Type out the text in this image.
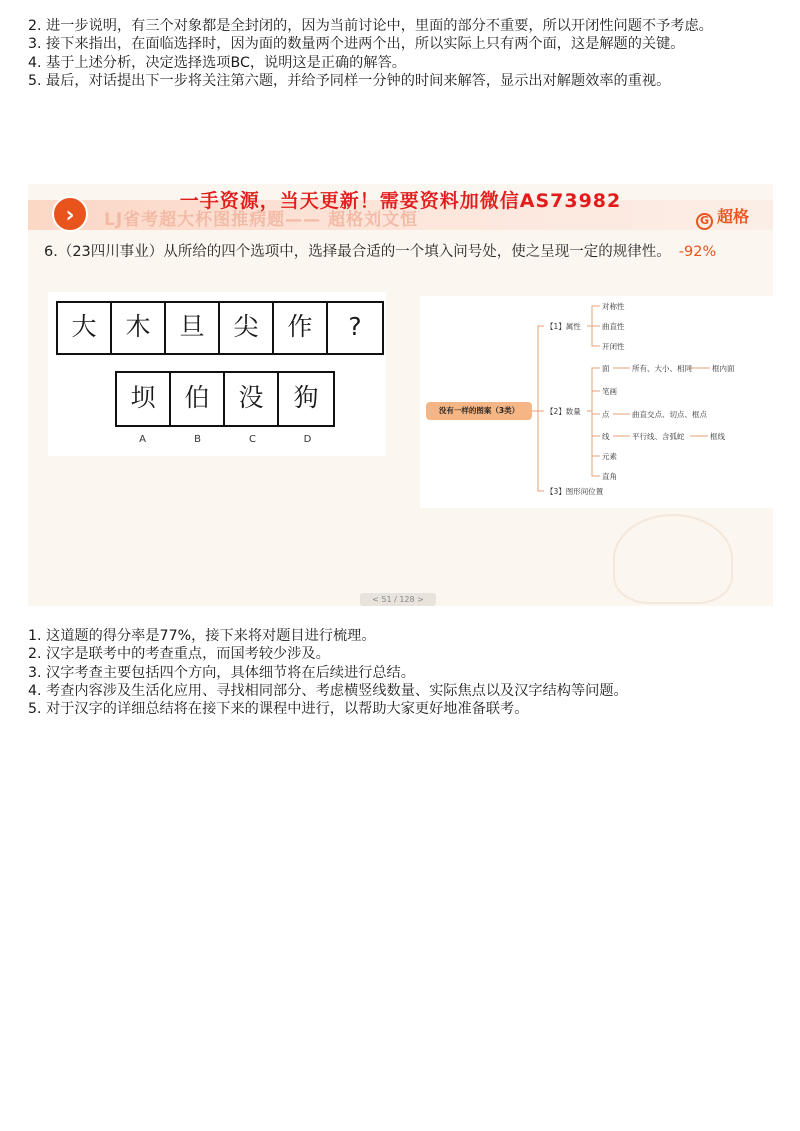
2. 进一步说明，有三个对象都是全封闭的，因为当前讨论中，里面的部分不重要，所以开闭性问题不予考虑。

3. 接下来指出，在面临选择时，因为面的数量两个进两个出，所以实际上只有两个面，这是解题的关键。

4. 基于上述分析，决定选择选项BC，说明这是正确的解答。

5. 最后，对话提出下一步将关注第六题，并给予同样一分钟的时间来解答，显示出对解题效率的重视。

LJ省考超大杯图推病题—— 超格刘文恒
›
一手资源，当天更新！需要资料加微信AS73982
G 超格
6.（23四川事业）从所给的四个选项中，选择最合适的一个填入问号处，使之呈现一定的规律性。 -92%
大	木	旦	尖	作	?
坝	伯	没	狗
A	B	C	D
没有一样的图案（3类）
【1】属性
对称性
曲直性
开闭性
【2】数量
面	所有、大小、相同	框内面
笔画
点	曲直交点、切点、框点
线	平行线、含弧蛇	框线
元素
直角
【3】图形间位置
< 51 / 128 >

1. 这道题的得分率是77%，接下来将对题目进行梳理。

2. 汉字是联考中的考查重点，而国考较少涉及。

3. 汉字考查主要包括四个方向，具体细节将在后续进行总结。

4. 考查内容涉及生活化应用、寻找相同部分、考虑横竖线数量、实际焦点以及汉字结构等问题。

5. 对于汉字的详细总结将在接下来的课程中进行，以帮助大家更好地准备联考。
